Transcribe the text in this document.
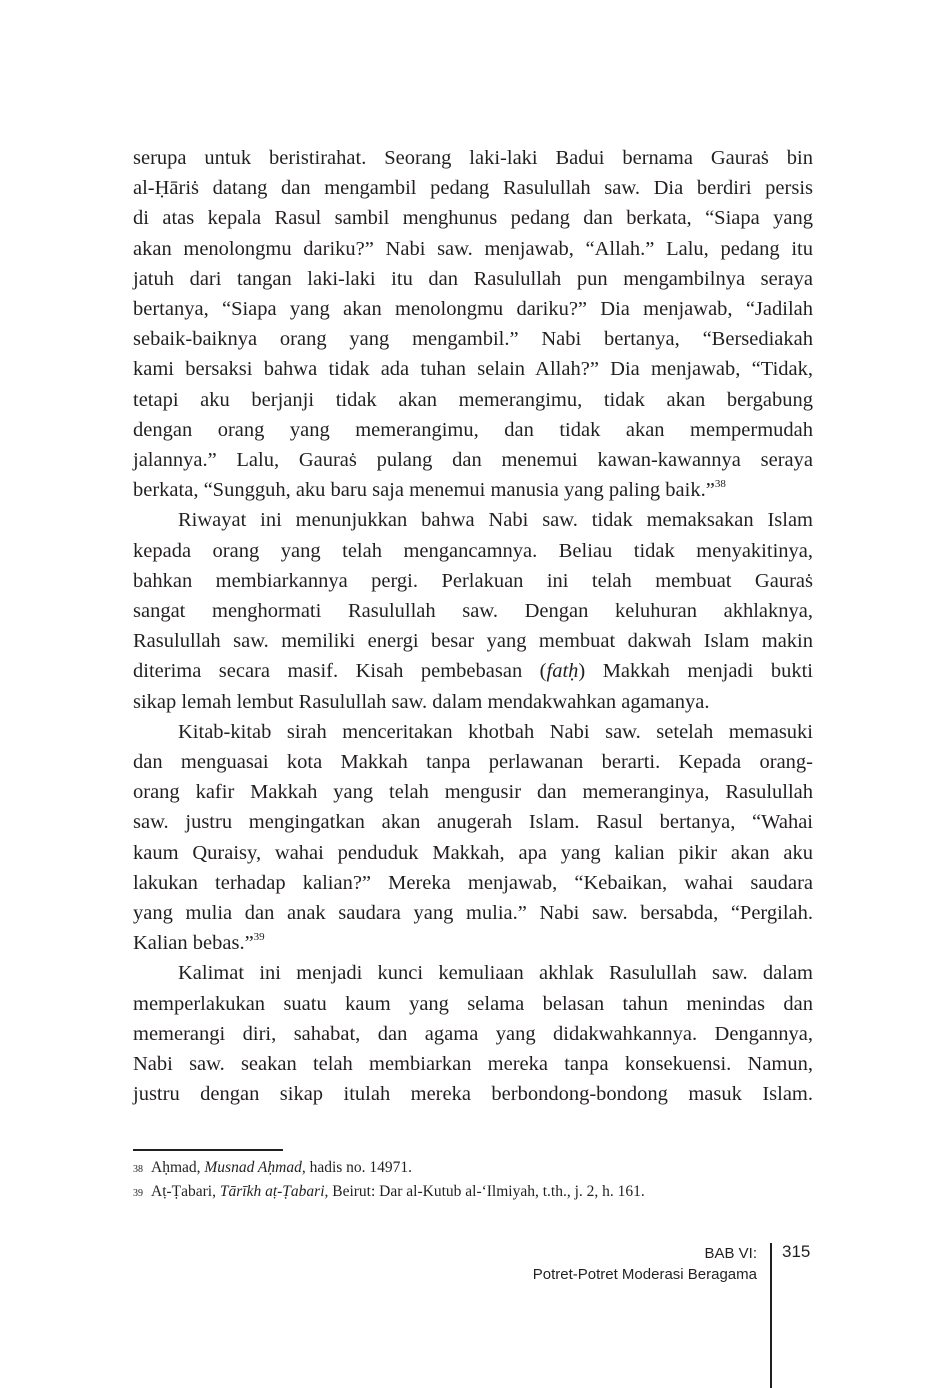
serupa untuk beristirahat. Seorang laki-laki Badui bernama Gauraṡ bin
al-Ḥāriṡ datang dan mengambil pedang Rasulullah saw. Dia berdiri persis
di atas kepala Rasul sambil menghunus pedang dan berkata, “Siapa yang
akan menolongmu dariku?” Nabi saw. menjawab, “Allah.” Lalu, pedang itu
jatuh dari tangan laki-laki itu dan Rasulullah pun mengambilnya seraya
bertanya, “Siapa yang akan menolongmu dariku?” Dia menjawab, “Jadilah
sebaik-baiknya orang yang mengambil.” Nabi bertanya, “Bersediakah
kami bersaksi bahwa tidak ada tuhan selain Allah?” Dia menjawab, “Tidak,
tetapi aku berjanji tidak akan memerangimu, tidak akan bergabung
dengan orang yang memerangimu, dan tidak akan mempermudah
jalannya.” Lalu, Gauraṡ pulang dan menemui kawan-kawannya seraya
berkata, “Sungguh, aku baru saja menemui manusia yang paling baik.”$^{38}$
Riwayat ini menunjukkan bahwa Nabi saw. tidak memaksakan Islam
kepada orang yang telah mengancamnya. Beliau tidak menyakitinya,
bahkan membiarkannya pergi. Perlakuan ini telah membuat Gauraṡ
sangat menghormati Rasulullah saw. Dengan keluhuran akhlaknya,
Rasulullah saw. memiliki energi besar yang membuat dakwah Islam makin
diterima secara masif. Kisah pembebasan (fatḥ) Makkah menjadi bukti
sikap lemah lembut Rasulullah saw. dalam mendakwahkan agamanya.
Kitab-kitab sirah menceritakan khotbah Nabi saw. setelah memasuki
dan menguasai kota Makkah tanpa perlawanan berarti. Kepada orang-
orang kafir Makkah yang telah mengusir dan memeranginya, Rasulullah
saw. justru mengingatkan akan anugerah Islam. Rasul bertanya, “Wahai
kaum Quraisy, wahai penduduk Makkah, apa yang kalian pikir akan aku
lakukan terhadap kalian?” Mereka menjawab, “Kebaikan, wahai saudara
yang mulia dan anak saudara yang mulia.” Nabi saw. bersabda, “Pergilah.
Kalian bebas.”$^{39}$
Kalimat ini menjadi kunci kemuliaan akhlak Rasulullah saw. dalam
memperlakukan suatu kaum yang selama belasan tahun menindas dan
memerangi diri, sahabat, dan agama yang didakwahkannya. Dengannya,
Nabi saw. seakan telah membiarkan mereka tanpa konsekuensi. Namun,
justru dengan sikap itulah mereka berbondong-bondong masuk Islam.
$^{38}$ Aḥmad, Musnad Aḥmad, hadis no. 14971.
$^{39}$ Aṭ-Ṭabari, Tārīkh aṭ-Ṭabari, Beirut: Dar al-Kutub al-‘Ilmiyah, t.th., j. 2, h. 161.
BAB VI:
Potret-Potret Moderasi Beragama
315
